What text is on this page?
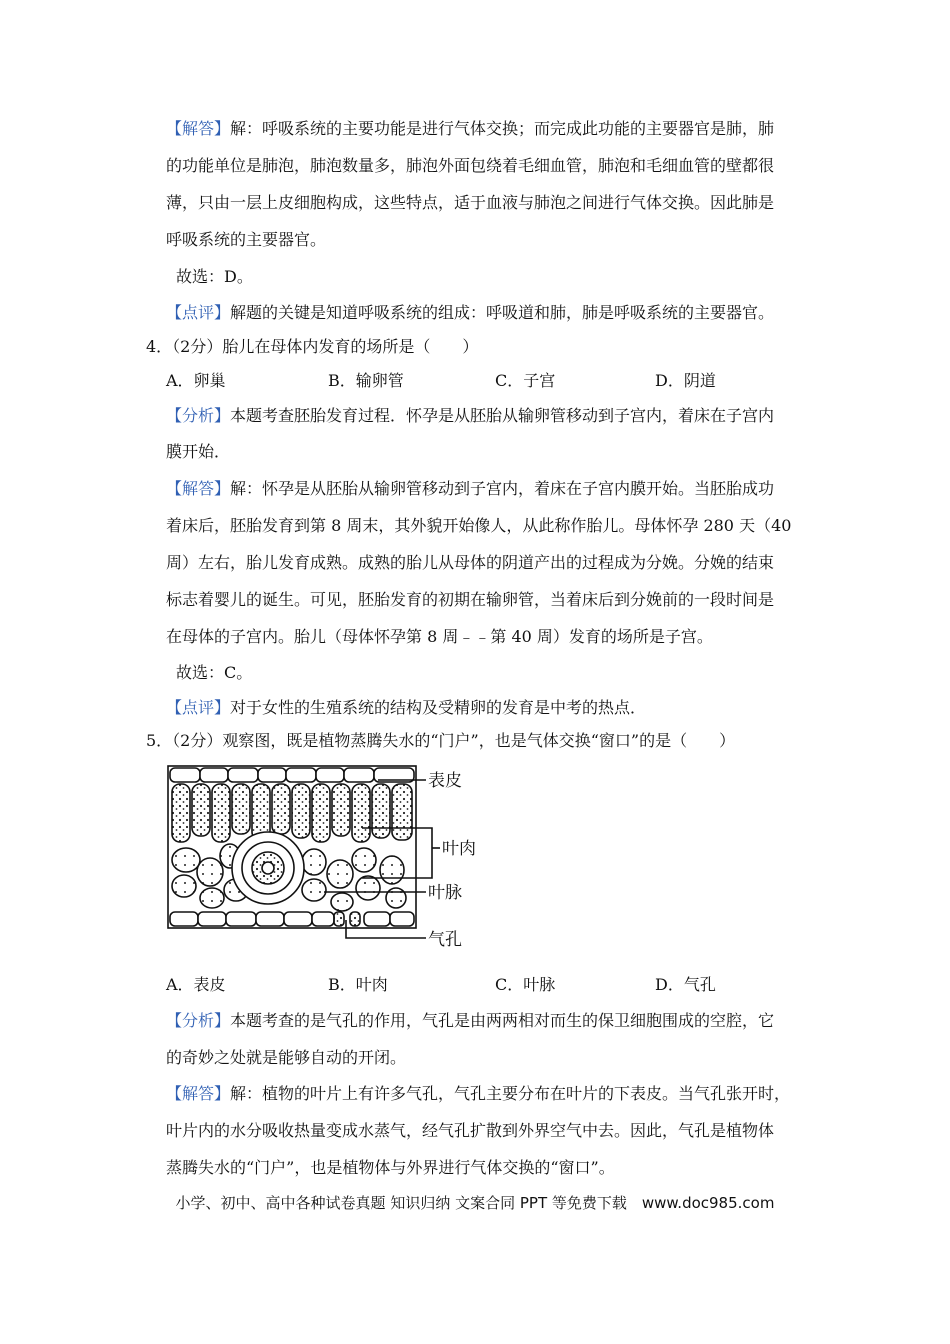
【解答】解：呼吸系统的主要功能是进行气体交换；而完成此功能的主要器官是肺，肺
的功能单位是肺泡，肺泡数量多，肺泡外面包绕着毛细血管，肺泡和毛细血管的壁都很
薄，只由一层上皮细胞构成，这些特点，适于血液与肺泡之间进行气体交换。因此肺是
呼吸系统的主要器官。
故选：D。
【点评】解题的关键是知道呼吸系统的组成：呼吸道和肺，肺是呼吸系统的主要器官。
4．（2分）胎儿在母体内发育的场所是（　　）
A．卵巢	B．输卵管	C．子宫	D．阴道
【分析】本题考查胚胎发育过程．怀孕是从胚胎从输卵管移动到子宫内，着床在子宫内
膜开始．
【解答】解：怀孕是从胚胎从输卵管移动到子宫内，着床在子宫内膜开始。当胚胎成功
着床后，胚胎发育到第 8 周末，其外貌开始像人，从此称作胎儿。母体怀孕 280 天（40
周）左右，胎儿发育成熟。成熟的胎儿从母体的阴道产出的过程成为分娩。分娩的结束
标志着婴儿的诞生。可见，胚胎发育的初期在输卵管，当着床后到分娩前的一段时间是
在母体的子宫内。胎儿（母体怀孕第 8 周﹣﹣第 40 周）发育的场所是子宫。
故选：C。
【点评】对于女性的生殖系统的结构及受精卵的发育是中考的热点．
5．（2分）观察图，既是植物蒸腾失水的“门户”，也是气体交换“窗口”的是（　　）
表皮
叶肉
叶脉
气孔
A．表皮	B．叶肉	C．叶脉	D．气孔
【分析】本题考查的是气孔的作用，气孔是由两两相对而生的保卫细胞围成的空腔，它
的奇妙之处就是能够自动的开闭。
【解答】解：植物的叶片上有许多气孔，气孔主要分布在叶片的下表皮。当气孔张开时，
叶片内的水分吸收热量变成水蒸气，经气孔扩散到外界空气中去。因此，气孔是植物体
蒸腾失水的“门户”，也是植物体与外界进行气体交换的“窗口”。
小学、初中、高中各种试卷真题 知识归纳 文案合同 PPT 等免费下载　www.doc985.com
